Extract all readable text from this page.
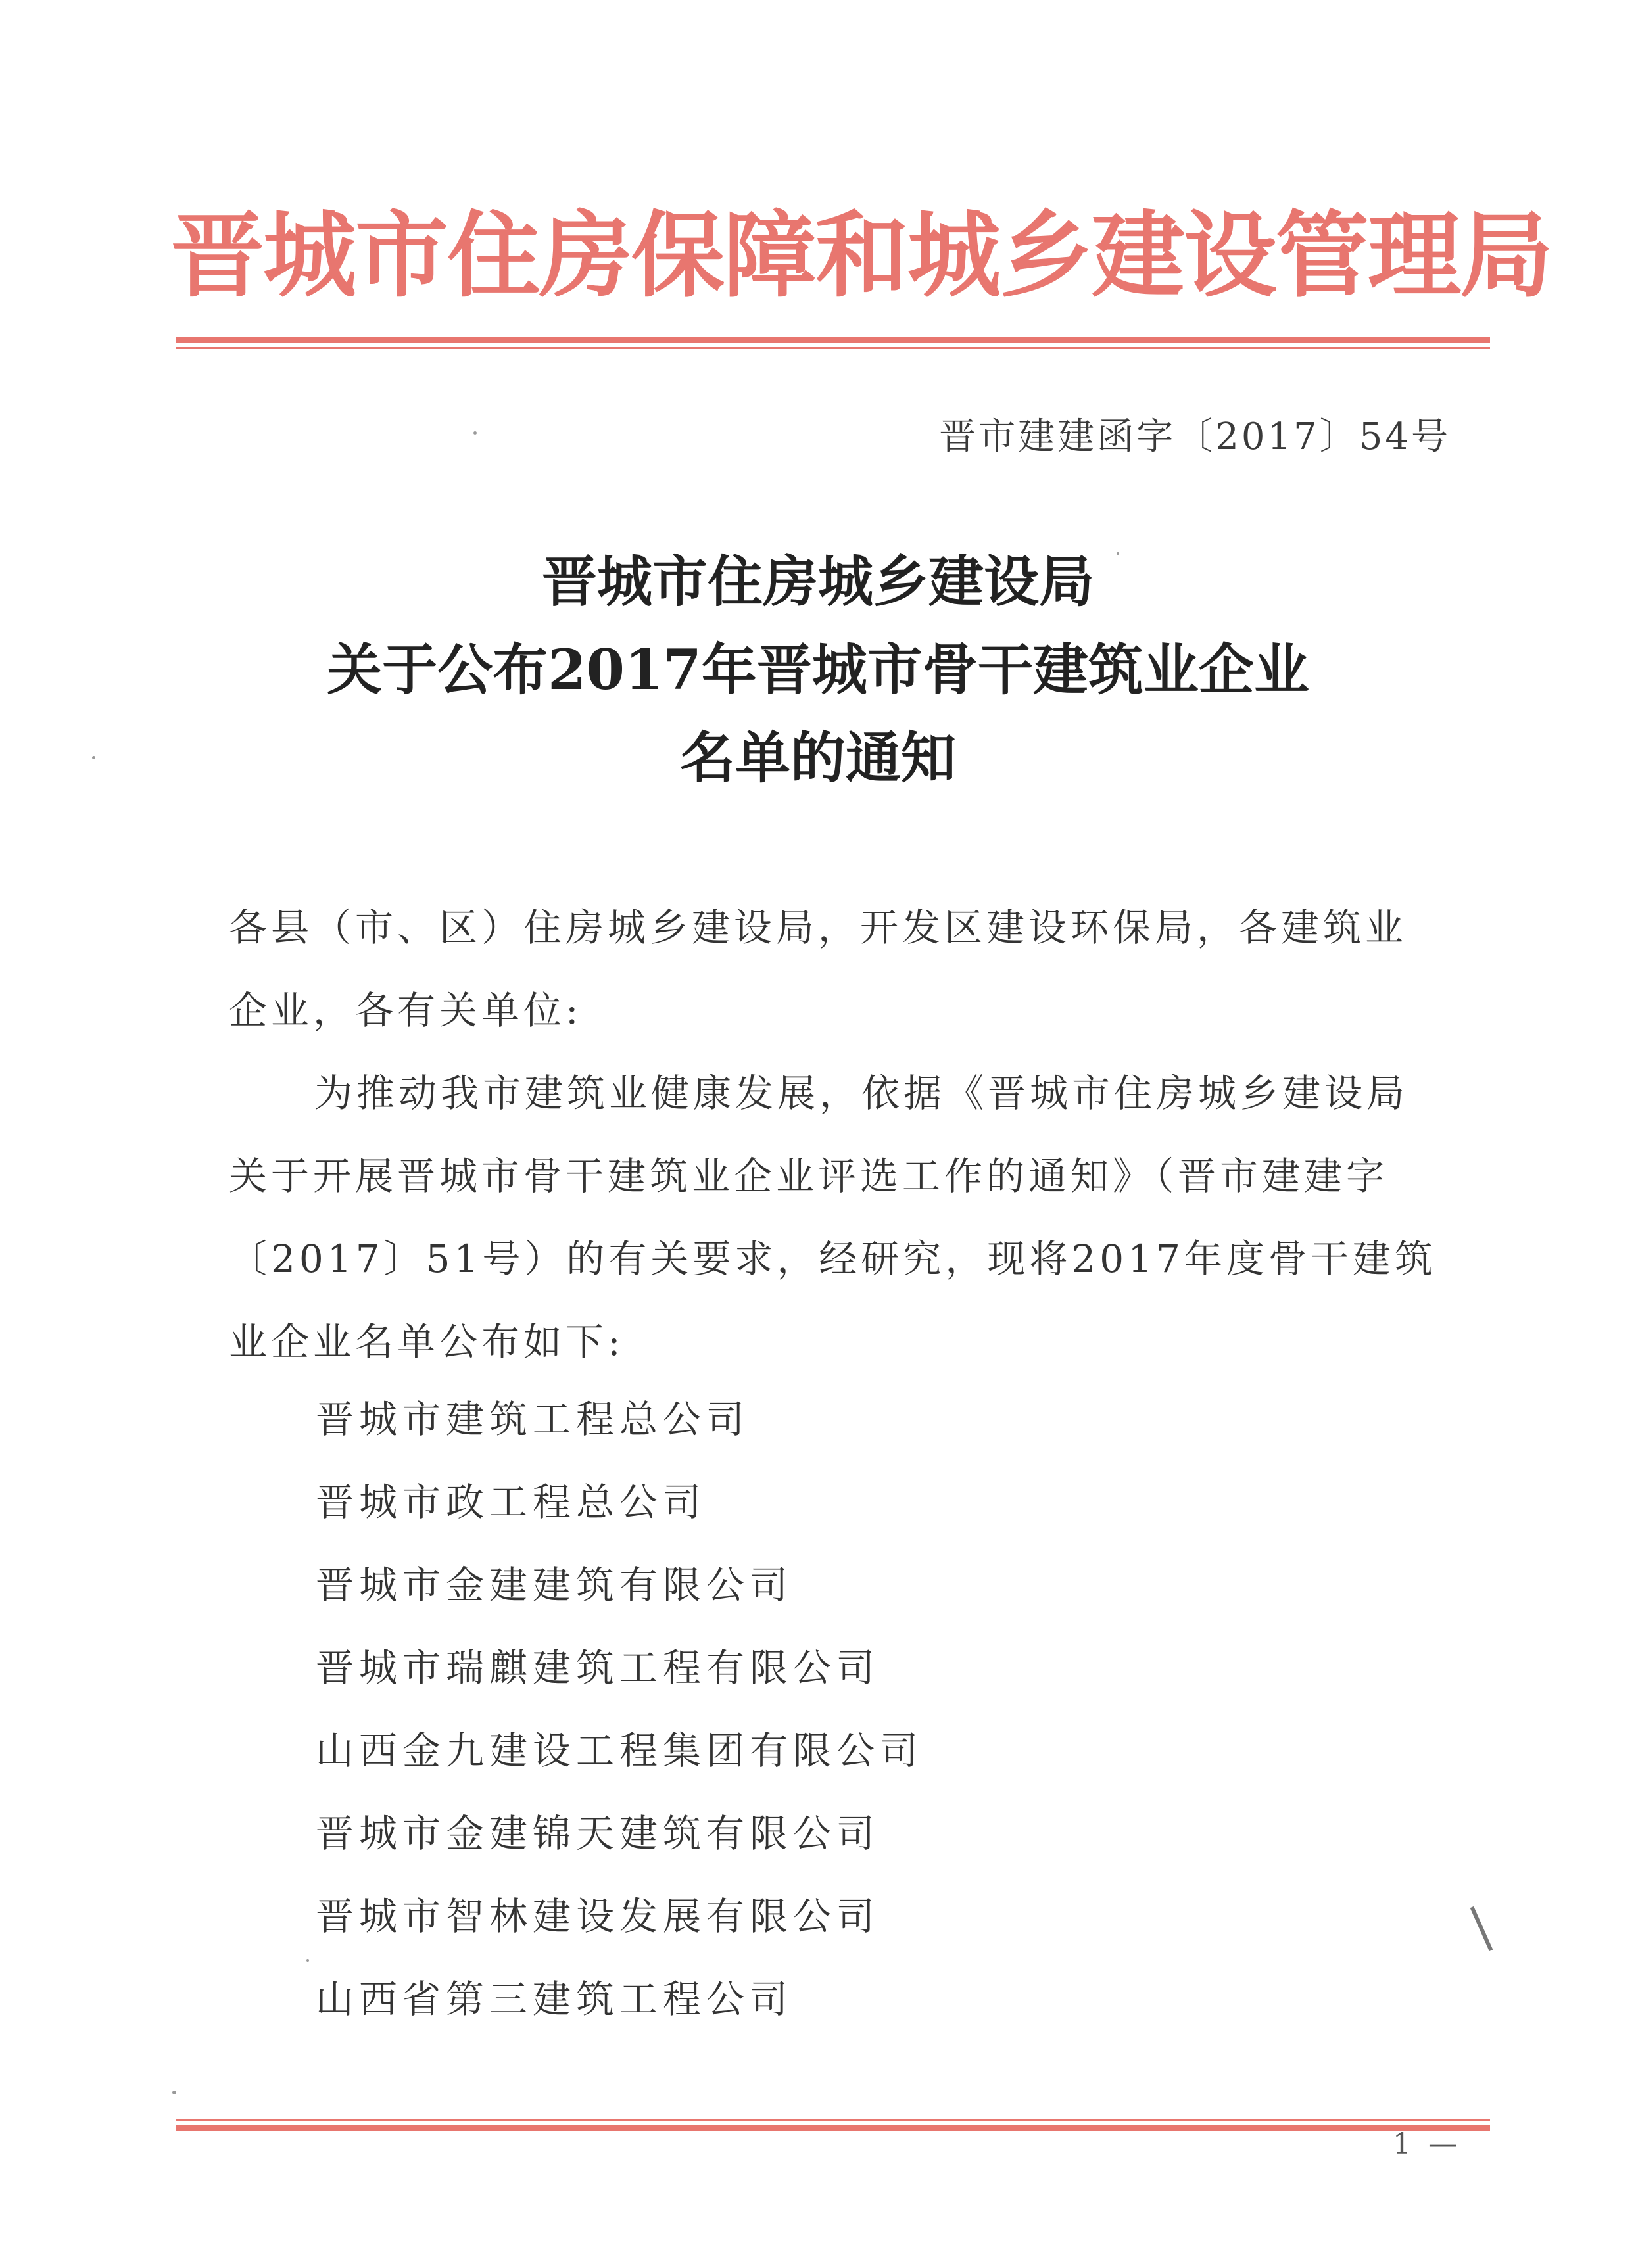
晋城市住房保障和城乡建设管理局
晋市建建函字〔2017〕54号
晋城市住房城乡建设局
关于公布2017年晋城市骨干建筑业企业
名单的通知
各县（市、区）住房城乡建设局，开发区建设环保局，各建筑业
企业，各有关单位:
为推动我市建筑业健康发展，依据《晋城市住房城乡建设局
关于开展晋城市骨干建筑业企业评选工作的通知》（晋市建建字
〔2017〕51号）的有关要求，经研究，现将2017年度骨干建筑
业企业名单公布如下:
晋城市建筑工程总公司
晋城市政工程总公司
晋城市金建建筑有限公司
晋城市瑞麒建筑工程有限公司
山西金九建设工程集团有限公司
晋城市金建锦天建筑有限公司
晋城市智林建设发展有限公司
山西省第三建筑工程公司
1 —
